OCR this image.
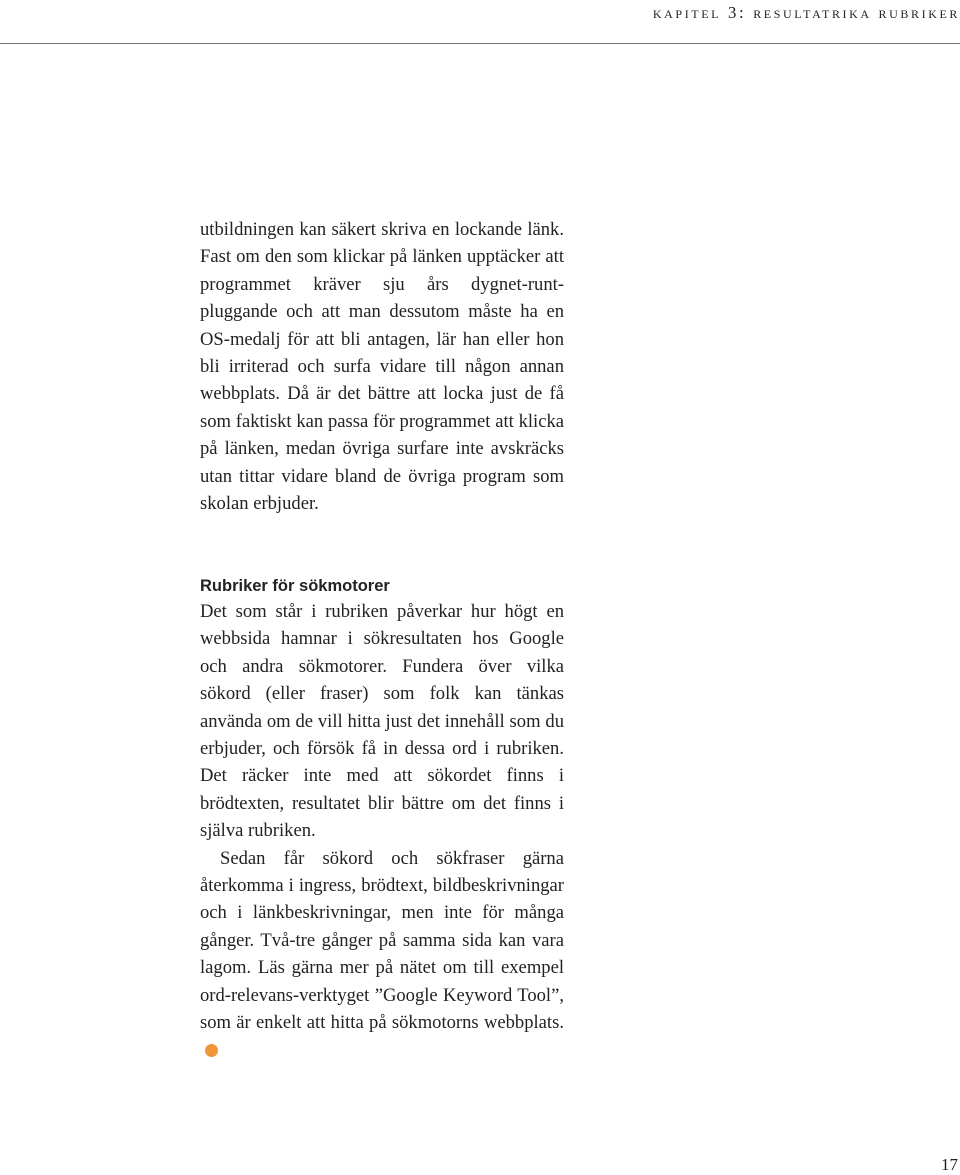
kapitel 3: resultatrika rubriker

utbildningen kan säkert skriva en lockande länk. Fast om den som klickar på länken upptäcker att programmet kräver sju års dygnet-runt-pluggande och att man dessutom måste ha en OS-medalj för att bli antagen, lär han eller hon bli irriterad och surfa vidare till någon annan webbplats. Då är det bättre att locka just de få som faktiskt kan passa för programmet att klicka på länken, medan övriga surfare inte avskräcks utan tittar vidare bland de övriga program som skolan erbjuder.

Rubriker för sökmotorer

Det som står i rubriken påverkar hur högt en webbsida hamnar i sökresultaten hos Google och andra sökmotorer. Fundera över vilka sökord (eller fraser) som folk kan tänkas använda om de vill hitta just det innehåll som du erbjuder, och försök få in dessa ord i rubriken. Det räcker inte med att sökordet finns i brödtexten, resultatet blir bättre om det finns i själva rubriken.

Sedan får sökord och sökfraser gärna återkomma i ingress, brödtext, bildbeskrivningar och i länkbeskrivningar, men inte för många gånger. Två-tre gånger på samma sida kan vara lagom. Läs gärna mer på nätet om till exempel ord-relevans-verktyget ”Google Keyword Tool”, som är enkelt att hitta på sökmotorns webbplats.

17
